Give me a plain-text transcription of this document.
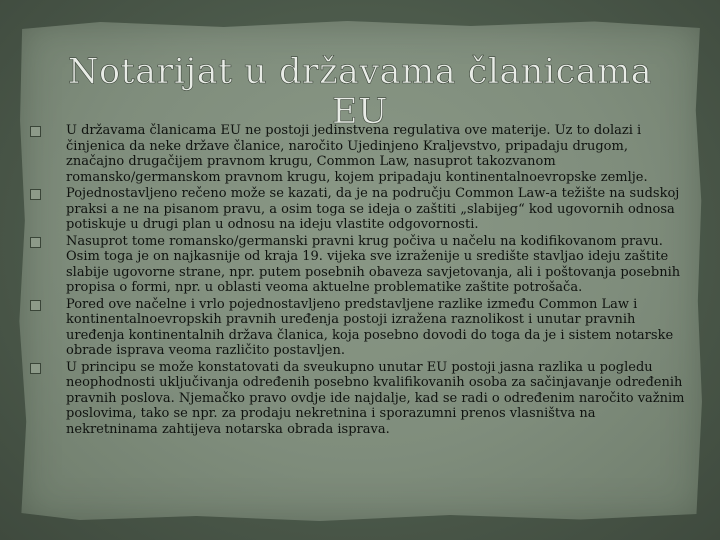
Notarijat u državama članicama EU
U državama članicama EU ne postoji jedinstvena regulativa ove materije. Uz to dolazi i činjenica da neke države članice, naročito Ujedinjeno Kraljevstvo, pripadaju drugom, značajno drugačijem pravnom krugu, Common Law, nasuprot takozvanom romansko/germanskom pravnom krugu, kojem pripadaju kontinentalnoevropske zemlje.
Pojednostavljeno rečeno može se kazati, da je na području Common Law-a težište na sudskoj praksi a ne na pisanom pravu, a osim toga se ideja o zaštiti „slabijeg“ kod ugovornih odnosa potiskuje u drugi plan u odnosu na ideju vlastite odgovornosti.
Nasuprot tome romansko/germanski pravni krug počiva u načelu na kodifikovanom pravu. Osim toga je on najkasnije od kraja 19. vijeka sve izraženije u središte stavljao ideju zaštite slabije ugovorne strane, npr. putem posebnih obaveza savjetovanja, ali i poštovanja posebnih propisa o formi, npr. u oblasti veoma aktuelne problematike zaštite potrošača.
Pored ove načelne i vrlo pojednostavljeno predstavljene razlike između Common Law i kontinentalnoevropskih pravnih uređenja postoji izražena raznolikost i unutar pravnih uređenja kontinentalnih država članica, koja posebno dovodi do toga da je i sistem notarske obrade isprava veoma različito postavljen.
U principu se može konstatovati da sveukupno unutar EU postoji jasna razlika u pogledu neophodnosti uključivanja određenih posebno kvalifikovanih osoba za sačinjavanje određenih pravnih poslova. Njemačko pravo ovdje ide najdalje, kad se radi o određenim naročito važnim poslovima, tako se npr. za prodaju nekretnina i sporazumni prenos vlasništva na nekretninama zahtijeva notarska obrada isprava.
